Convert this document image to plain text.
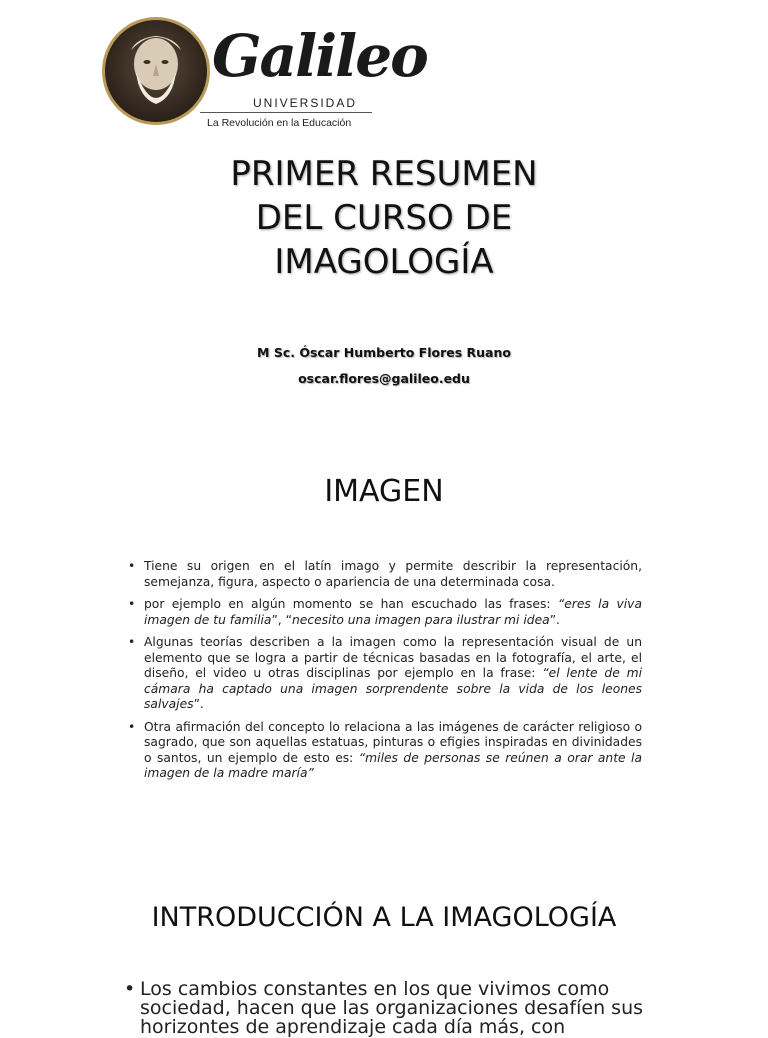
Galileo
UNIVERSIDAD
La Revolución en la Educación
PRIMER RESUMEN
DEL CURSO DE
IMAGOLOGÍA
M Sc. Óscar Humberto Flores Ruano
oscar.flores@galileo.edu
IMAGEN
• Tiene su origen en el latín imago y permite describir la representación, semejanza, figura, aspecto o apariencia de una determinada cosa.
• por ejemplo en algún momento se han escuchado las frases: “eres la viva imagen de tu familia”, “necesito una imagen para ilustrar mi idea”.
• Algunas teorías describen a la imagen como la representación visual de un elemento que se logra a partir de técnicas basadas en la fotografía, el arte, el diseño, el video u otras disciplinas por ejemplo en la frase: “el lente de mi cámara ha captado una imagen sorprendente sobre la vida de los leones salvajes”.
• Otra afirmación del concepto lo relaciona a las imágenes de carácter religioso o sagrado, que son aquellas estatuas, pinturas o efigies inspiradas en divinidades o santos, un ejemplo de esto es: “miles de personas se reúnen a orar ante la imagen de la madre maría”
INTRODUCCIÓN A LA IMAGOLOGÍA
• Los cambios constantes en los que vivimos como sociedad, hacen que las organizaciones desafíen sus horizontes de aprendizaje cada día más, con
